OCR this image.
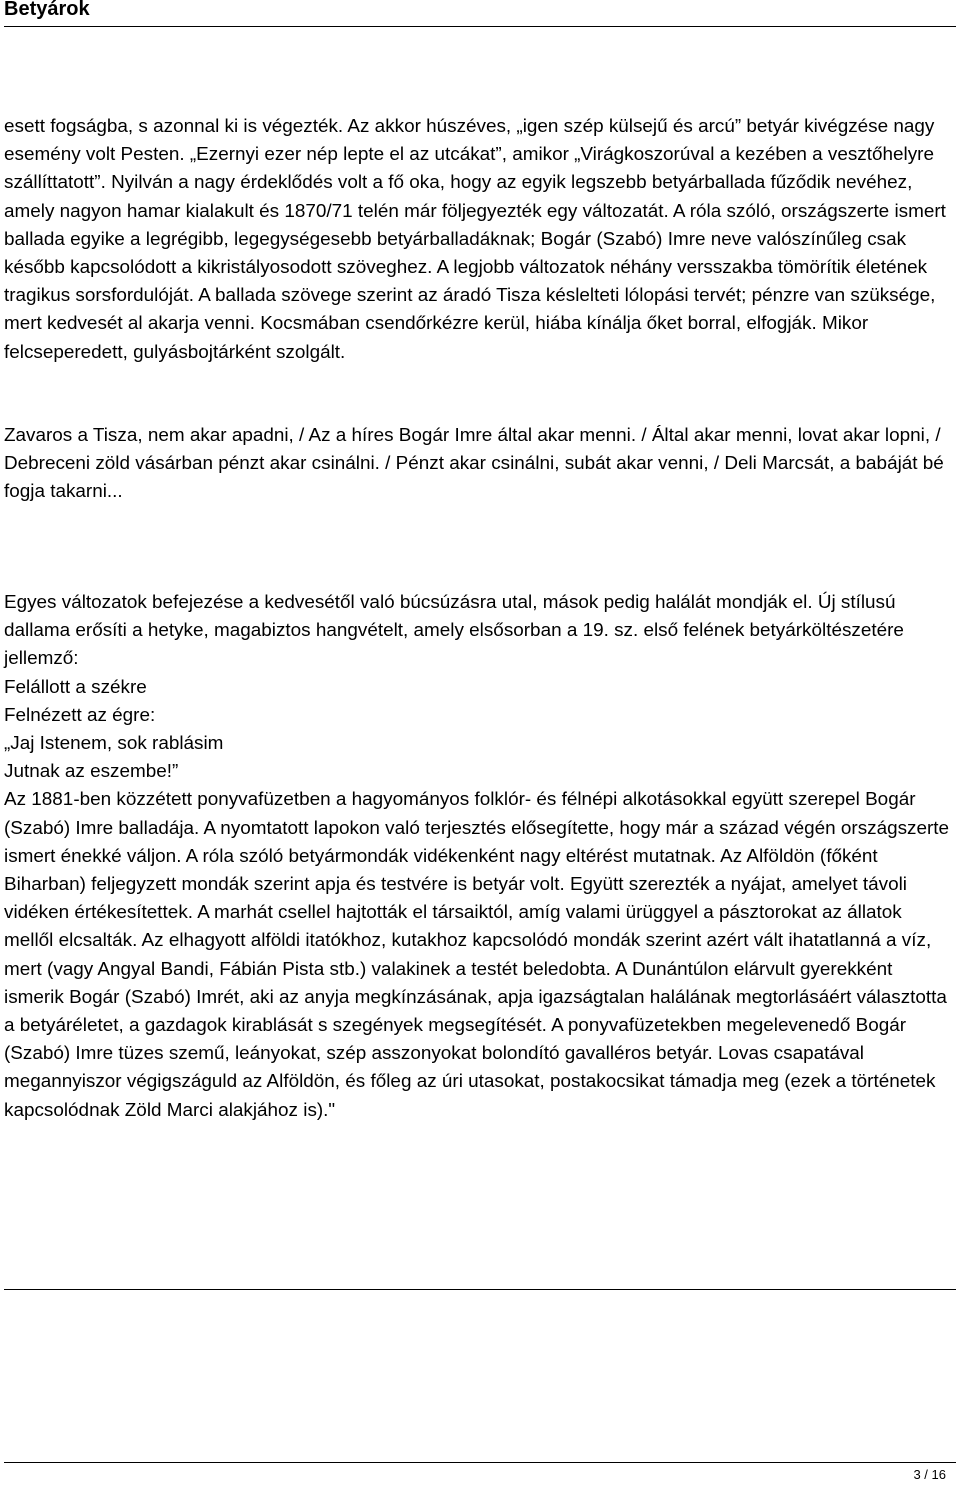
Betyárok

esett fogságba, s azonnal ki is végezték. Az akkor húszéves, „igen szép külsejű és arcú” betyár kivégzése nagy esemény volt Pesten. „Ezernyi ezer nép lepte el az utcákat”, amikor „Virágkoszorúval a kezében a vesztőhelyre szállíttatott”. Nyilván a nagy érdeklődés volt a fő oka, hogy az egyik legszebb betyárballada fűződik nevéhez, amely nagyon hamar kialakult és 1870/71 telén már följegyezték egy változatát. A róla szóló, országszerte ismert ballada egyike a legrégibb, legegységesebb betyárballadáknak; Bogár (Szabó) Imre neve valószínűleg csak később kapcsolódott a kikristályosodott szöveghez. A legjobb változatok néhány versszakba tömörítik életének tragikus sorsfordulóját. A ballada szövege szerint az áradó Tisza késlelteti lólopási tervét; pénzre van szüksége, mert kedvesét al akarja venni. Kocsmában csendőrkézre kerül, hiába kínálja őket borral, elfogják. Mikor felcseperedett, gulyásbojtárként szolgált.

Zavaros a Tisza, nem akar apadni, / Az a híres Bogár Imre által akar menni. / Által akar menni, lovat akar lopni, / Debreceni zöld vásárban pénzt akar csinálni. / Pénzt akar csinálni, subát akar venni, / Deli Marcsát, a babáját bé fogja takarni...

Egyes változatok befejezése a kedvesétől való búcsúzásra utal, mások pedig halálát mondják el. Új stílusú dallama erősíti a hetyke, magabiztos hangvételt, amely elsősorban a 19. sz. első felének betyárköltészetére jellemző:
Felállott a székre
Felnézett az égre:
„Jaj Istenem, sok rablásim
Jutnak az eszembe!”
Az 1881-ben közzétett ponyvafüzetben a hagyományos folklór- és félnépi alkotásokkal együtt szerepel Bogár (Szabó) Imre balladája. A nyomtatott lapokon való terjesztés elősegítette, hogy már a század végén országszerte ismert énekké váljon. A róla szóló betyármondák vidékenként nagy eltérést mutatnak. Az Alföldön (főként Biharban) feljegyzett mondák szerint apja és testvére is betyár volt. Együtt szerezték a nyájat, amelyet távoli vidéken értékesítettek. A marhát csellel hajtották el társaiktól, amíg valami ürüggyel a pásztorokat az állatok mellől elcsalták. Az elhagyott alföldi itatókhoz, kutakhoz kapcsolódó mondák szerint azért vált ihatatlanná a víz, mert (vagy Angyal Bandi, Fábián Pista stb.) valakinek a testét beledobta. A Dunántúlon elárvult gyerekként ismerik Bogár (Szabó) Imrét, aki az anyja megkínzásának, apja igazságtalan halálának megtorlásáért választotta a betyáréletet, a gazdagok kirablását s szegények megsegítését. A ponyvafüzetekben megelevenedő Bogár (Szabó) Imre tüzes szemű, leányokat, szép asszonyokat bolondító gavalléros betyár. Lovas csapatával megannyiszor végigszáguld az Alföldön, és főleg az úri utasokat, postakocsikat támadja meg (ezek a történetek kapcsolódnak Zöld Marci alakjához is)."
3 / 16
